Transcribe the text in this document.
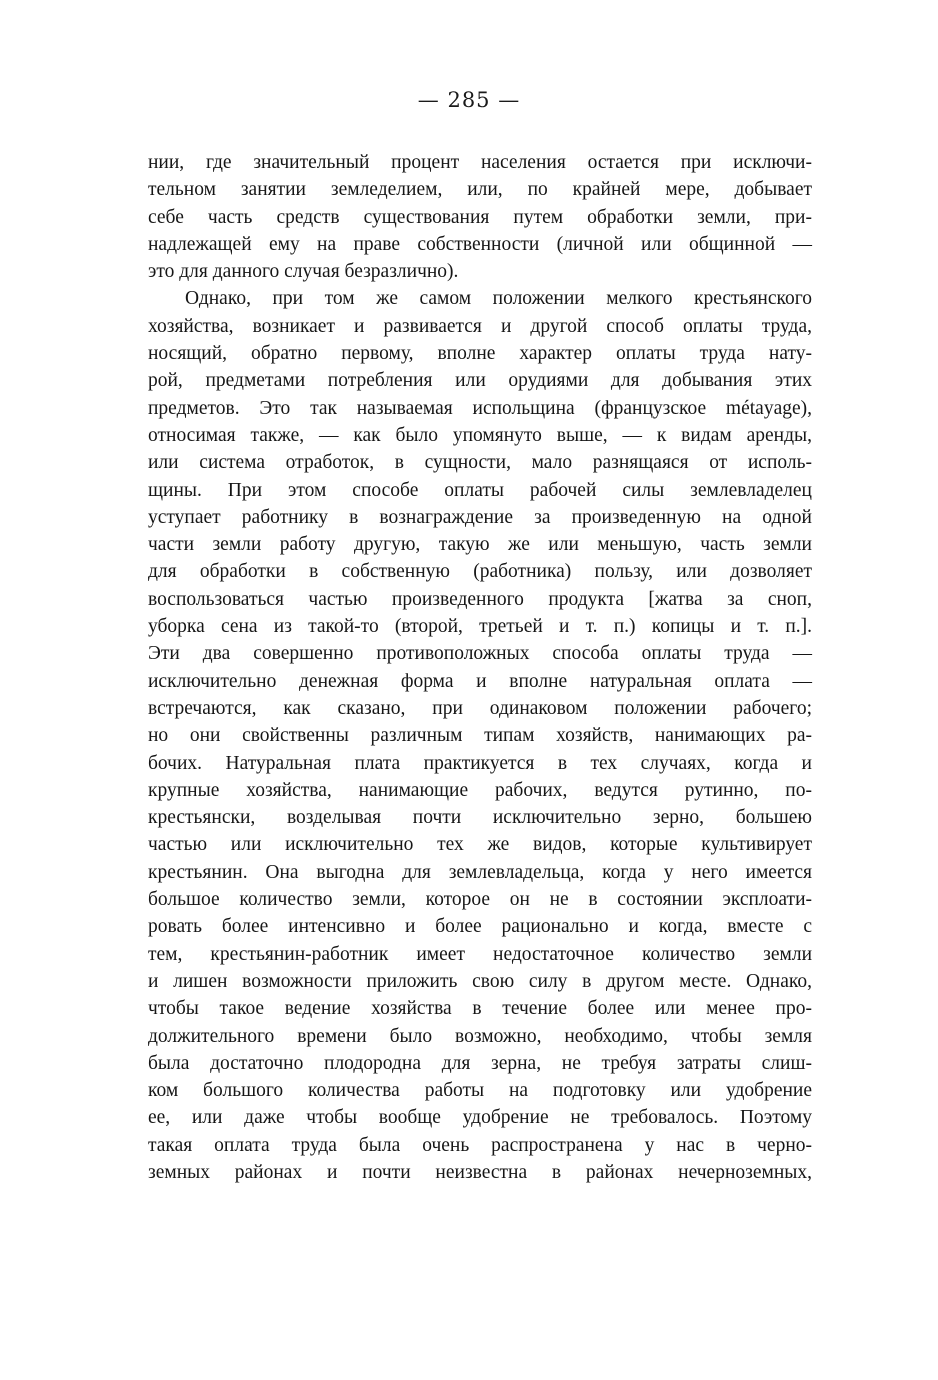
— 285 —

нии, где значительный процент населения остается при исключи-
тельном занятии земледелием, или, по крайней мере, добывает
себе часть средств существования путем обработки земли, при-
надлежащей ему на праве собственности (личной или общинной —
это для данного случая безразлично).
Однако, при том же самом положении мелкого крестьянского
хозяйства, возникает и развивается и другой способ оплаты труда,
носящий, обратно первому, вполне характер оплаты труда нату-
рой, предметами потребления или орудиями для добывания этих
предметов. Это так называемая испольщина (французское métayage),
относимая также, — как было упомянуто выше, — к видам аренды,
или система отработок, в сущности, мало разнящаяся от исполь-
щины. При этом способе оплаты рабочей силы землевладелец
уступает работнику в вознаграждение за произведенную на одной
части земли работу другую, такую же или меньшую, часть земли
для обработки в собственную (работника) пользу, или дозволяет
воспользоваться частью произведенного продукта [жатва за сноп,
уборка сена из такой-то (второй, третьей и т. п.) копицы и т. п.].
Эти два совершенно противоположных способа оплаты труда —
исключительно денежная форма и вполне натуральная оплата —
встречаются, как сказано, при одинаковом положении рабочего;
но они свойственны различным типам хозяйств, нанимающих ра-
бочих. Натуральная плата практикуется в тех случаях, когда и
крупные хозяйства, нанимающие рабочих, ведутся рутинно, по-
крестьянски, возделывая почти исключительно зерно, большею
частью или исключительно тех же видов, которые культивирует
крестьянин. Она выгодна для землевладельца, когда у него имеется
большое количество земли, которое он не в состоянии эксплоати-
ровать более интенсивно и более рационально и когда, вместе с
тем, крестьянин-работник имеет недостаточное количество земли
и лишен возможности приложить свою силу в другом месте. Однако,
чтобы такое ведение хозяйства в течение более или менее про-
должительного времени было возможно, необходимо, чтобы земля
была достаточно плодородна для зерна, не требуя затраты слиш-
ком большого количества работы на подготовку или удобрение
ее, или даже чтобы вообще удобрение не требовалось. Поэтому
такая оплата труда была очень распространена у нас в черно-
земных районах и почти неизвестна в районах нечерноземных,
